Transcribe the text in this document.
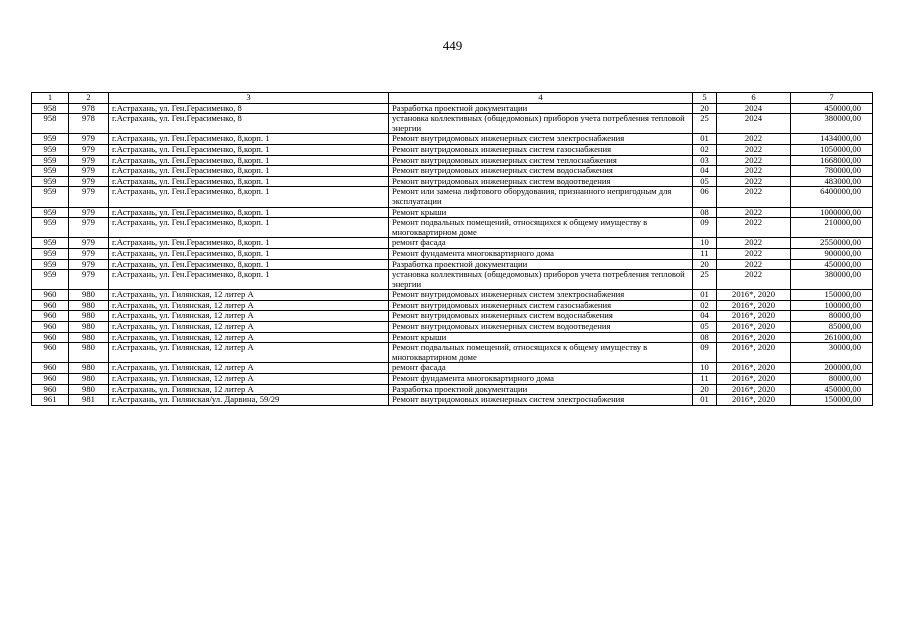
449
1	2	3	4	5	6	7
958	978	г.Астрахань, ул. Ген.Герасименко, 8	Разработка проектной документации	20	2024	450000,00
958	978	г.Астрахань, ул. Ген.Герасименко, 8	установка коллективных (общедомовых) приборов учета потребления тепловой энергии	25	2024	380000,00
959	979	г.Астрахань, ул. Ген.Герасименко, 8,корп. 1	Ремонт внутридомовых инженерных систем электроснабжения	01	2022	1434000,00
959	979	г.Астрахань, ул. Ген.Герасименко, 8,корп. 1	Ремонт внутридомовых инженерных систем газоснабжения	02	2022	1050000,00
959	979	г.Астрахань, ул. Ген.Герасименко, 8,корп. 1	Ремонт внутридомовых инженерных систем теплоснабжения	03	2022	1668000,00
959	979	г.Астрахань, ул. Ген.Герасименко, 8,корп. 1	Ремонт внутридомовых инженерных систем водоснабжения	04	2022	780000,00
959	979	г.Астрахань, ул. Ген.Герасименко, 8,корп. 1	Ремонт внутридомовых инженерных систем водоотведения	05	2022	483000,00
959	979	г.Астрахань, ул. Ген.Герасименко, 8,корп. 1	Ремонт или замена лифтового оборудования, признанного непригодным для эксплуатации	06	2022	6400000,00
959	979	г.Астрахань, ул. Ген.Герасименко, 8,корп. 1	Ремонт крыши	08	2022	1000000,00
959	979	г.Астрахань, ул. Ген.Герасименко, 8,корп. 1	Ремонт подвальных помещений, относящихся к общему имуществу в многоквартирном доме	09	2022	210000,00
959	979	г.Астрахань, ул. Ген.Герасименко, 8,корп. 1	ремонт фасада	10	2022	2550000,00
959	979	г.Астрахань, ул. Ген.Герасименко, 8,корп. 1	Ремонт фундамента многоквартирного дома	11	2022	900000,00
959	979	г.Астрахань, ул. Ген.Герасименко, 8,корп. 1	Разработка проектной документации	20	2022	450000,00
959	979	г.Астрахань, ул. Ген.Герасименко, 8,корп. 1	установка коллективных (общедомовых) приборов учета потребления тепловой энергии	25	2022	380000,00
960	980	г.Астрахань, ул. Гилянская, 12 литер А	Ремонт внутридомовых инженерных систем электроснабжения	01	2016*, 2020	150000,00
960	980	г.Астрахань, ул. Гилянская, 12 литер А	Ремонт внутридомовых инженерных систем газоснабжения	02	2016*, 2020	100000,00
960	980	г.Астрахань, ул. Гилянская, 12 литер А	Ремонт внутридомовых инженерных систем водоснабжения	04	2016*, 2020	80000,00
960	980	г.Астрахань, ул. Гилянская, 12 литер А	Ремонт внутридомовых инженерных систем водоотведения	05	2016*, 2020	85000,00
960	980	г.Астрахань, ул. Гилянская, 12 литер А	Ремонт крыши	08	2016*, 2020	261000,00
960	980	г.Астрахань, ул. Гилянская, 12 литер А	Ремонт подвальных помещений, относящихся к общему имуществу в многоквартирном доме	09	2016*, 2020	30000,00
960	980	г.Астрахань, ул. Гилянская, 12 литер А	ремонт фасада	10	2016*, 2020	200000,00
960	980	г.Астрахань, ул. Гилянская, 12 литер А	Ремонт фундамента многоквартирного дома	11	2016*, 2020	80000,00
960	980	г.Астрахань, ул. Гилянская, 12 литер А	Разработка проектной документации	20	2016*, 2020	450000,00
961	981	г.Астрахань, ул. Гилянская/ул. Дарвина, 59/29	Ремонт внутридомовых инженерных систем электроснабжения	01	2016*, 2020	150000,00
